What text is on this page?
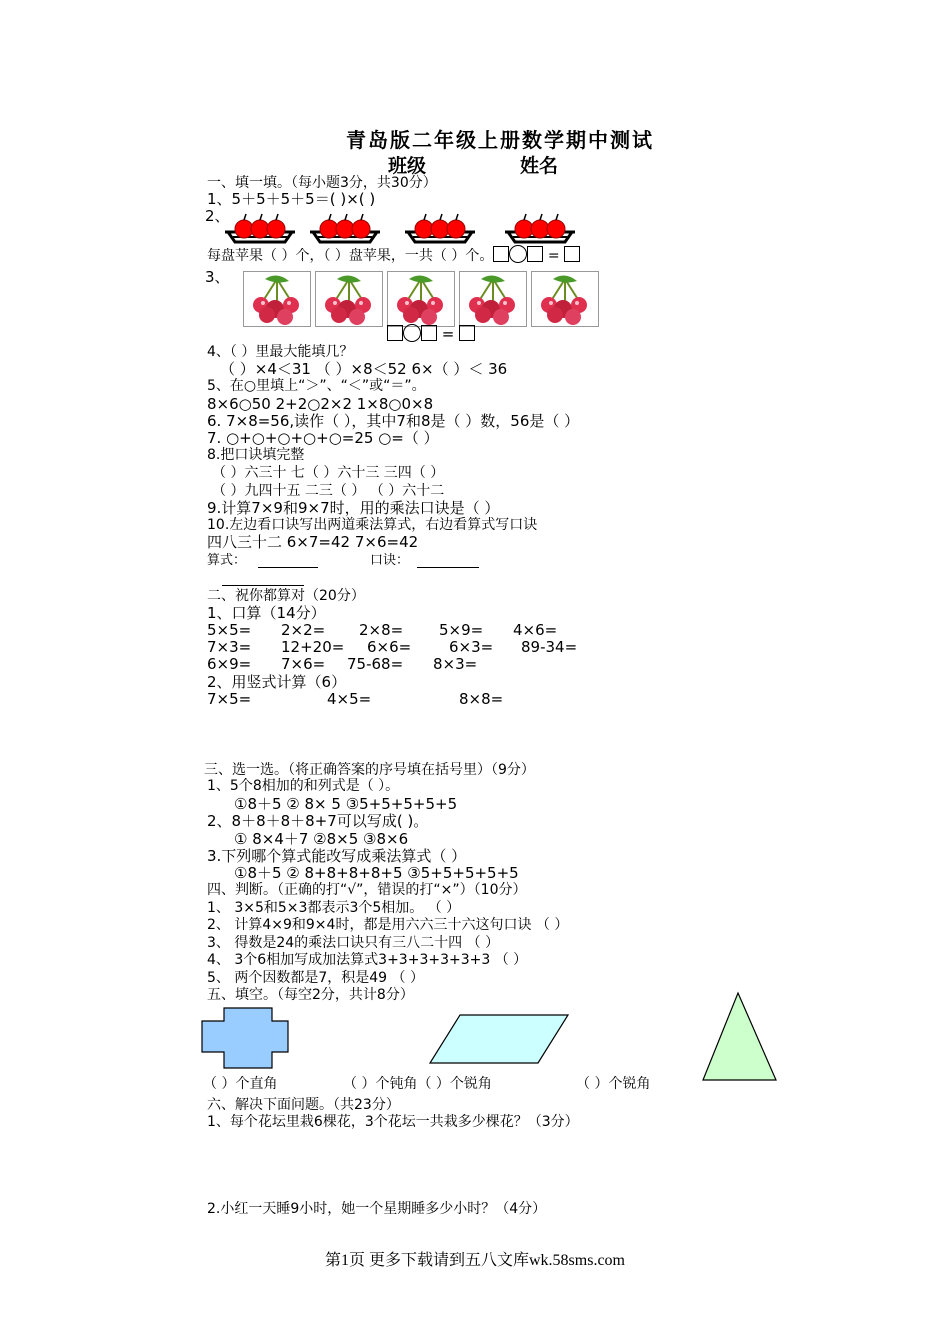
青岛版二年级上册数学期中测试
班级	姓名
一、填一填。（每小题3分，共30分）
1、5＋5＋5＋5＝( )×( )
2、
每盘苹果（ ）个，（ ）盘苹果，一共（ ）个。	=
3、
=
4、（ ）里最大能填几？
（ ）×4＜31 （ ）×8＜52 6×（ ）＜ 36
5、在○里填上“＞”、“＜”或“＝”。
8×6○50 2+2○2×2 1×8○0×8
6. 7×8=56,读作（ ），其中7和8是（ ）数，56是（ ）
7. ○+○+○+○+○=25 ○=（ ）
8.把口诀填完整
（ ）六三十 七（ ）六十三 三四（ ）
（ ）九四十五 二三（ ） （ ）六十二
9.计算7×9和9×7时，用的乘法口诀是（ ）
10.左边看口诀写出两道乘法算式，右边看算式写口诀
四八三十二 6×7=42 7×6=42
算式：	口诀：
二、祝你都算对（20分）
1、口算（14分）
5×5= 2×2= 2×8= 5×9= 4×6=
7×3= 12+20= 6×6=	6×3= 89-34=
6×9= 7×6= 75-68= 8×3=
2、用竖式计算（6）
7×5=	4×5=	8×8=
三、选一选。（将正确答案的序号填在括号里）（9分）
1、5个8相加的和列式是（ ）。
①8＋5 ② 8× 5 ③5+5+5+5+5
2、8＋8＋8＋8+7可以写成( )。
① 8×4＋7 ②8×5 ③8×6
3.下列哪个算式能改写成乘法算式（ ）
①8＋5 ② 8+8+8+8+5 ③5+5+5+5+5
四、判断。（正确的打“√”，错误的打“×”）（10分）
1、 3×5和5×3都表示3个5相加。 （ ）
2、 计算4×9和9×4时，都是用六六三十六这句口诀 （ ）
3、 得数是24的乘法口诀只有三八二十四 （ ）
4、 3个6相加写成加法算式3+3+3+3+3+3 （ ）
5、 两个因数都是7，积是49 （ ）
五、填空。（每空2分，共计8分）
（ ）个直角	（ ）个钝角（ ）个锐角	（ ）个锐角
六、解决下面问题。（共23分）
1、每个花坛里栽6棵花，3个花坛一共栽多少棵花？（3分）
2.小红一天睡9小时，她一个星期睡多少小时？（4分）
第1页 更多下载请到五八文库wk.58sms.com
